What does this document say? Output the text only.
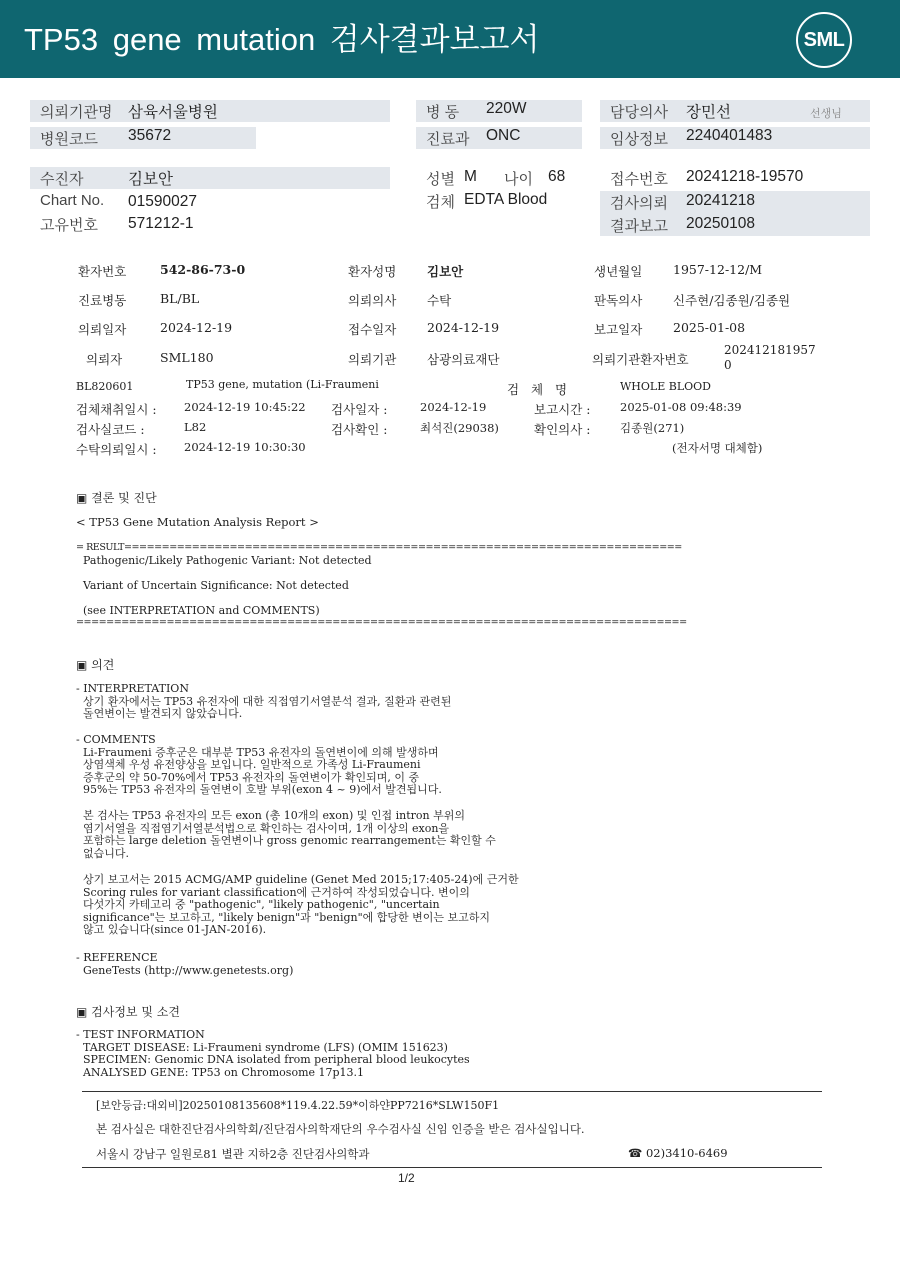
TP53 gene mutation 검사결과보고서	SML
의뢰기관명 삼육서울병원	병 동 220W	담당의사 장민선	선생님
병원코드 35672	진료과 ONC	임상정보 2240401483
수진자	김보안	성별 M 나이 68	접수번호 20241218-19570
Chart No. 01590027	검체 EDTA Blood	검사의뢰 20241218
고유번호 571212-1	결과보고 20250108
환자번호	542-86-73-0	환자성명 김보안	생년월일 1957-12-12/M
진료병동	BL/BL	의뢰의사 수탁	판독의사 신주현/김종원/김종원
의뢰일자	2024-12-19	접수일자 2024-12-19	보고일자 2025-01-08
의뢰자	SML180	의뢰기관 삼광의료재단	의뢰기관환자번호
202412181957
0
BL820601	TP53 gene, mutation (Li-Fraumeni	검   체   명	WHOLE BLOOD
검체채취일시 : 2024-12-19 10:45:22 검사일자 :	2024-12-19	보고시간 :	2025-01-08 09:48:39
검사실코드 :	L82	검사확인 :	최석진(29038)	확인의사 :	김종원(271)
수탁의뢰일시 : 2024-12-19 10:30:30	(전자서명 대체함)
▣ 결론 및 진단
< TP53 Gene Mutation Analysis Report >
= RESULT==========================================================================
Pathogenic/Likely Pathogenic Variant: Not detected
Variant of Uncertain Significance: Not detected
(see INTERPRETATION and COMMENTS)
=================================================================================
▣ 의견
- INTERPRETATION
상기 환자에서는 TP53 유전자에 대한 직접염기서열분석 결과, 질환과 관련된
돌연변이는 발견되지 않았습니다.
- COMMENTS
Li-Fraumeni 증후군은 대부분 TP53 유전자의 돌연변이에 의해 발생하며
상염색체 우성 유전양상을 보입니다. 일반적으로 가족성 Li-Fraumeni
증후군의 약 50-70%에서 TP53 유전자의 돌연변이가 확인되며, 이 중
95%는 TP53 유전자의 돌연변이 호발 부위(exon 4 ~ 9)에서 발견됩니다.
본 검사는 TP53 유전자의 모든 exon (총 10개의 exon) 및 인접 intron 부위의
염기서열을 직접염기서열분석법으로 확인하는 검사이며, 1개 이상의 exon을
포함하는 large deletion 돌연변이나 gross genomic rearrangement는 확인할 수
없습니다.
상기 보고서는 2015 ACMG/AMP guideline (Genet Med 2015;17:405-24)에 근거한
Scoring rules for variant classification에 근거하여 작성되었습니다. 변이의
다섯가지 카테고리 중 "pathogenic", "likely pathogenic", "uncertain
significance"는 보고하고, "likely benign"과 "benign"에 합당한 변이는 보고하지
않고 있습니다(since 01-JAN-2016).
- REFERENCE
GeneTests (http://www.genetests.org)
▣ 검사정보 및 소견
- TEST INFORMATION
TARGET DISEASE: Li-Fraumeni syndrome (LFS) (OMIM 151623)
SPECIMEN: Genomic DNA isolated from peripheral blood leukocytes
ANALYSED GENE: TP53 on Chromosome 17p13.1
[보안등급:대외비]20250108135608*119.4.22.59*이하얀PP7216*SLW150F1
본 검사실은 대한진단검사의학회/진단검사의학재단의 우수검사실 신임 인증을 받은 검사실입니다.
서울시 강남구 일원로81 별관 지하2층 진단검사의학과	☎ 02)3410-6469
1/2
